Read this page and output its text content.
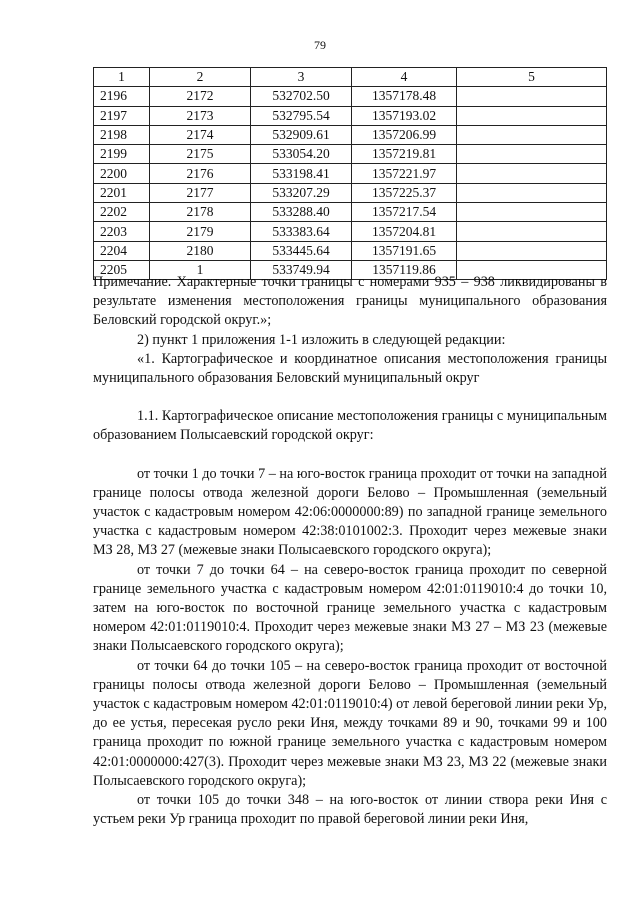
79
1	2	3	4	5
2196	2172	532702.50	1357178.48	
2197	2173	532795.54	1357193.02	
2198	2174	532909.61	1357206.99	
2199	2175	533054.20	1357219.81	
2200	2176	533198.41	1357221.97	
2201	2177	533207.29	1357225.37	
2202	2178	533288.40	1357217.54	
2203	2179	533383.64	1357204.81	
2204	2180	533445.64	1357191.65	
2205	1	533749.94	1357119.86	

Примечание. Характерные точки границы с номерами 935 – 938 ликвидированы в результате изменения местоположения границы муниципального образования Беловский городской округ.»;

2) пункт 1 приложения 1-1 изложить в следующей редакции:

«1. Картографическое и координатное описания местоположения границы муниципального образования Беловский муниципальный округ

1.1. Картографическое описание местоположения границы с муниципальным образованием Полысаевский городской округ:

от точки 1 до точки 7 – на юго-восток граница проходит от точки на западной границе полосы отвода железной дороги Белово – Промышленная (земельный участок с кадастровым номером 42:06:0000000:89) по западной границе земельного участка с кадастровым номером 42:38:0101002:3. Проходит через межевые знаки МЗ 28, МЗ 27 (межевые знаки Полысаевского городского округа);

от точки 7 до точки 64 – на северо-восток граница проходит по северной границе земельного участка с кадастровым номером 42:01:0119010:4 до точки 10, затем на юго-восток по восточной границе земельного участка с кадастровым номером 42:01:0119010:4. Проходит через межевые знаки МЗ 27 – МЗ 23 (межевые знаки Полысаевского городского округа);

от точки 64 до точки 105 – на северо-восток граница проходит от восточной границы полосы отвода железной дороги Белово – Промышленная (земельный участок с кадастровым номером 42:01:0119010:4) от левой береговой линии реки Ур, до ее устья, пересекая русло реки Иня, между точками 89 и 90, точками 99 и 100 граница проходит по южной границе земельного участка с кадастровым номером 42:01:0000000:427(3). Проходит через межевые знаки МЗ 23, МЗ 22 (межевые знаки Полысаевского городского округа);

от точки 105 до точки 348 – на юго-восток от линии створа реки Иня с устьем реки Ур граница проходит по правой береговой линии реки Иня,
